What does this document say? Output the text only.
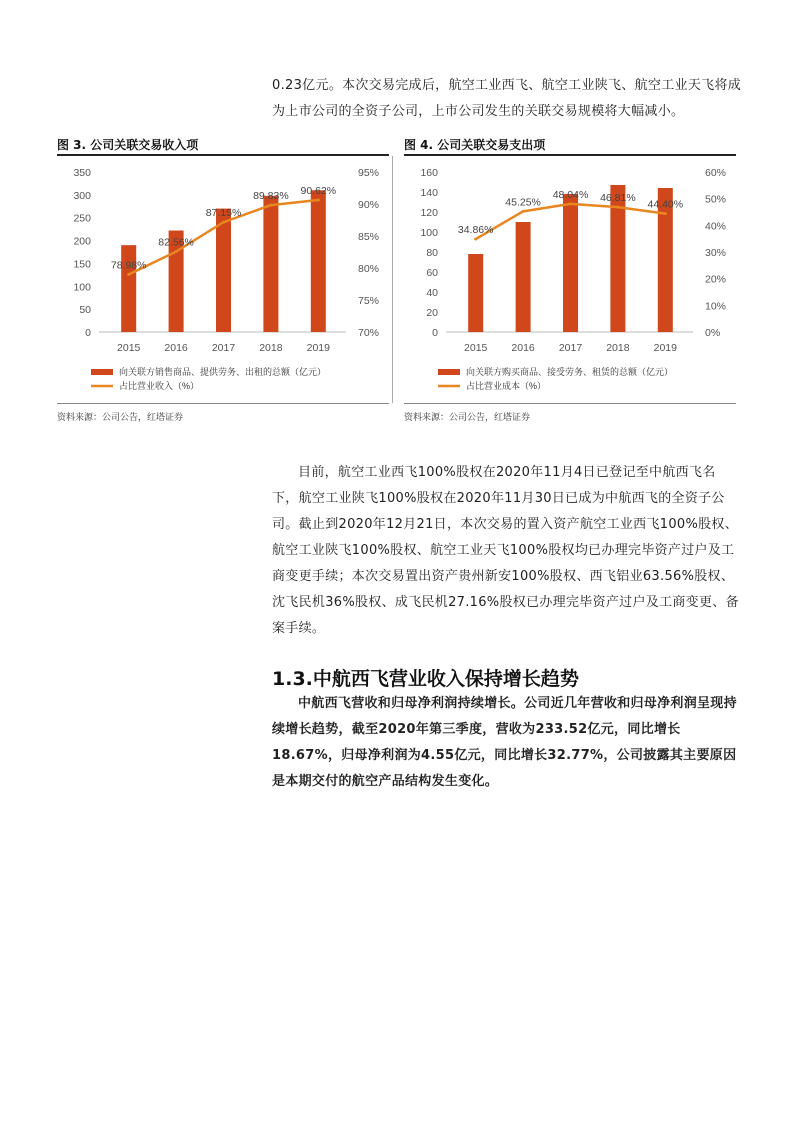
0.23亿元。本次交易完成后，航空工业西飞、航空工业陕飞、航空工业天飞将成为上市公司的全资子公司，上市公司发生的关联交易规模将大幅减小。
图 3. 公司关联交易收入项
0
50
100
150
200
250
300
350
70%
75%
80%
85%
90%
95%
2015 2016 2017 2018 2019
78.98%
82.56%
87.15%
89.83% 90.62%
向关联方销售商品、提供劳务、出租的总额（亿元）
占比营业收入（%）
资料来源：公司公告，红塔证券
图 4. 公司关联交易支出项
0
20
40
60
80
100
120
140
160
0%
10%
20%
30%
40%
50%
60%
2015 2016 2017 2018 2019
34.86%
45.25%
48.04% 46.81%
44.40%
向关联方购买商品、接受劳务、租赁的总额（亿元）
占比营业成本（%）
资料来源：公司公告，红塔证券
目前，航空工业西飞100%股权在2020年11月4日已登记至中航西飞名下，航空工业陕飞100%股权在2020年11月30日已成为中航西飞的全资子公司。截止到2020年12月21日，本次交易的置入资产航空工业西飞100%股权、航空工业陕飞100%股权、航空工业天飞100%股权均已办理完毕资产过户及工商变更手续；本次交易置出资产贵州新安100%股权、西飞铝业63.56%股权、沈飞民机36%股权、成飞民机27.16%股权已办理完毕资产过户及工商变更、备案手续。
1.3.中航西飞营业收入保持增长趋势
中航西飞营收和归母净利润持续增长。公司近几年营收和归母净利润呈现持续增长趋势，截至2020年第三季度，营收为233.52亿元，同比增长18.67%，归母净利润为4.55亿元，同比增长32.77%，公司披露其主要原因是本期交付的航空产品结构发生变化。
